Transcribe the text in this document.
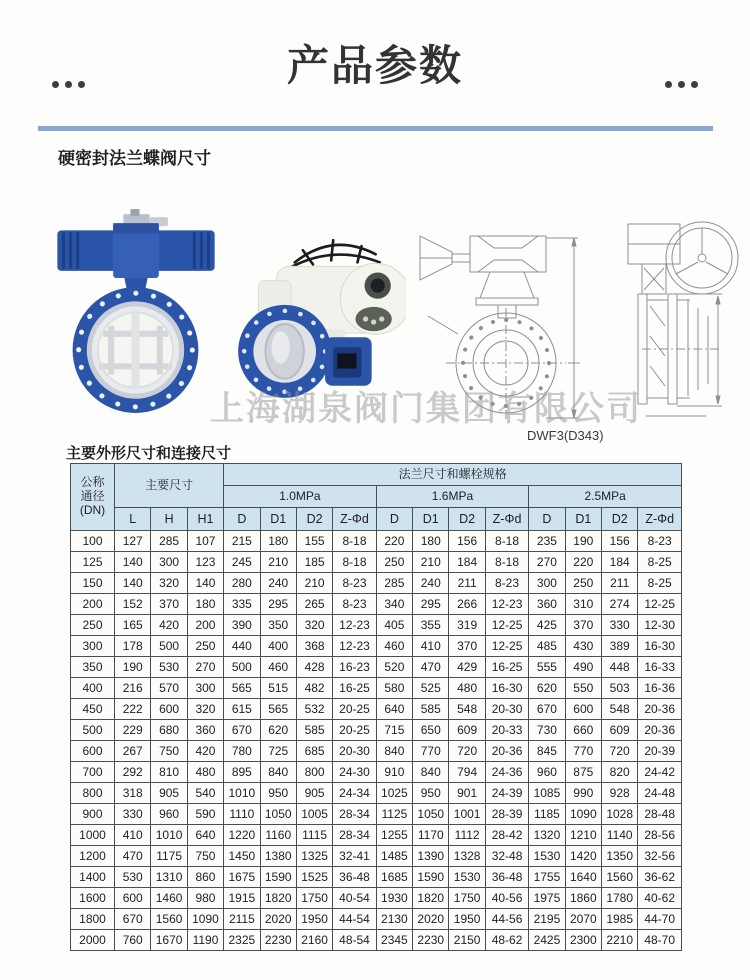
产品参数
硬密封法兰蝶阀尺寸
上海湖泉阀门集团有限公司
DWF3(D343)
主要外形尺寸和连接尺寸
公称
通径
(DN)	主要尺寸			法兰尺寸和螺栓规格											
				1.0MPa				1.6MPa				2.5MPa			
	L	H	H1	D	D1	D2	Z-Φd	D	D1	D2	Z-Φd	D	D1	D2	Z-Φd
100	127	285	107	215	180	155	8-18	220	180	156	8-18	235	190	156	8-23
125	140	300	123	245	210	185	8-18	250	210	184	8-18	270	220	184	8-25
150	140	320	140	280	240	210	8-23	285	240	211	8-23	300	250	211	8-25
200	152	370	180	335	295	265	8-23	340	295	266	12-23	360	310	274	12-25
250	165	420	200	390	350	320	12-23	405	355	319	12-25	425	370	330	12-30
300	178	500	250	440	400	368	12-23	460	410	370	12-25	485	430	389	16-30
350	190	530	270	500	460	428	16-23	520	470	429	16-25	555	490	448	16-33
400	216	570	300	565	515	482	16-25	580	525	480	16-30	620	550	503	16-36
450	222	600	320	615	565	532	20-25	640	585	548	20-30	670	600	548	20-36
500	229	680	360	670	620	585	20-25	715	650	609	20-33	730	660	609	20-36
600	267	750	420	780	725	685	20-30	840	770	720	20-36	845	770	720	20-39
700	292	810	480	895	840	800	24-30	910	840	794	24-36	960	875	820	24-42
800	318	905	540	1010	950	905	24-34	1025	950	901	24-39	1085	990	928	24-48
900	330	960	590	1110	1050	1005	28-34	1125	1050	1001	28-39	1185	1090	1028	28-48
1000	410	1010	640	1220	1160	1115	28-34	1255	1170	1112	28-42	1320	1210	1140	28-56
1200	470	1175	750	1450	1380	1325	32-41	1485	1390	1328	32-48	1530	1420	1350	32-56
1400	530	1310	860	1675	1590	1525	36-48	1685	1590	1530	36-48	1755	1640	1560	36-62
1600	600	1460	980	1915	1820	1750	40-54	1930	1820	1750	40-56	1975	1860	1780	40-62
1800	670	1560	1090	2115	2020	1950	44-54	2130	2020	1950	44-56	2195	2070	1985	44-70
2000	760	1670	1190	2325	2230	2160	48-54	2345	2230	2150	48-62	2425	2300	2210	48-70
